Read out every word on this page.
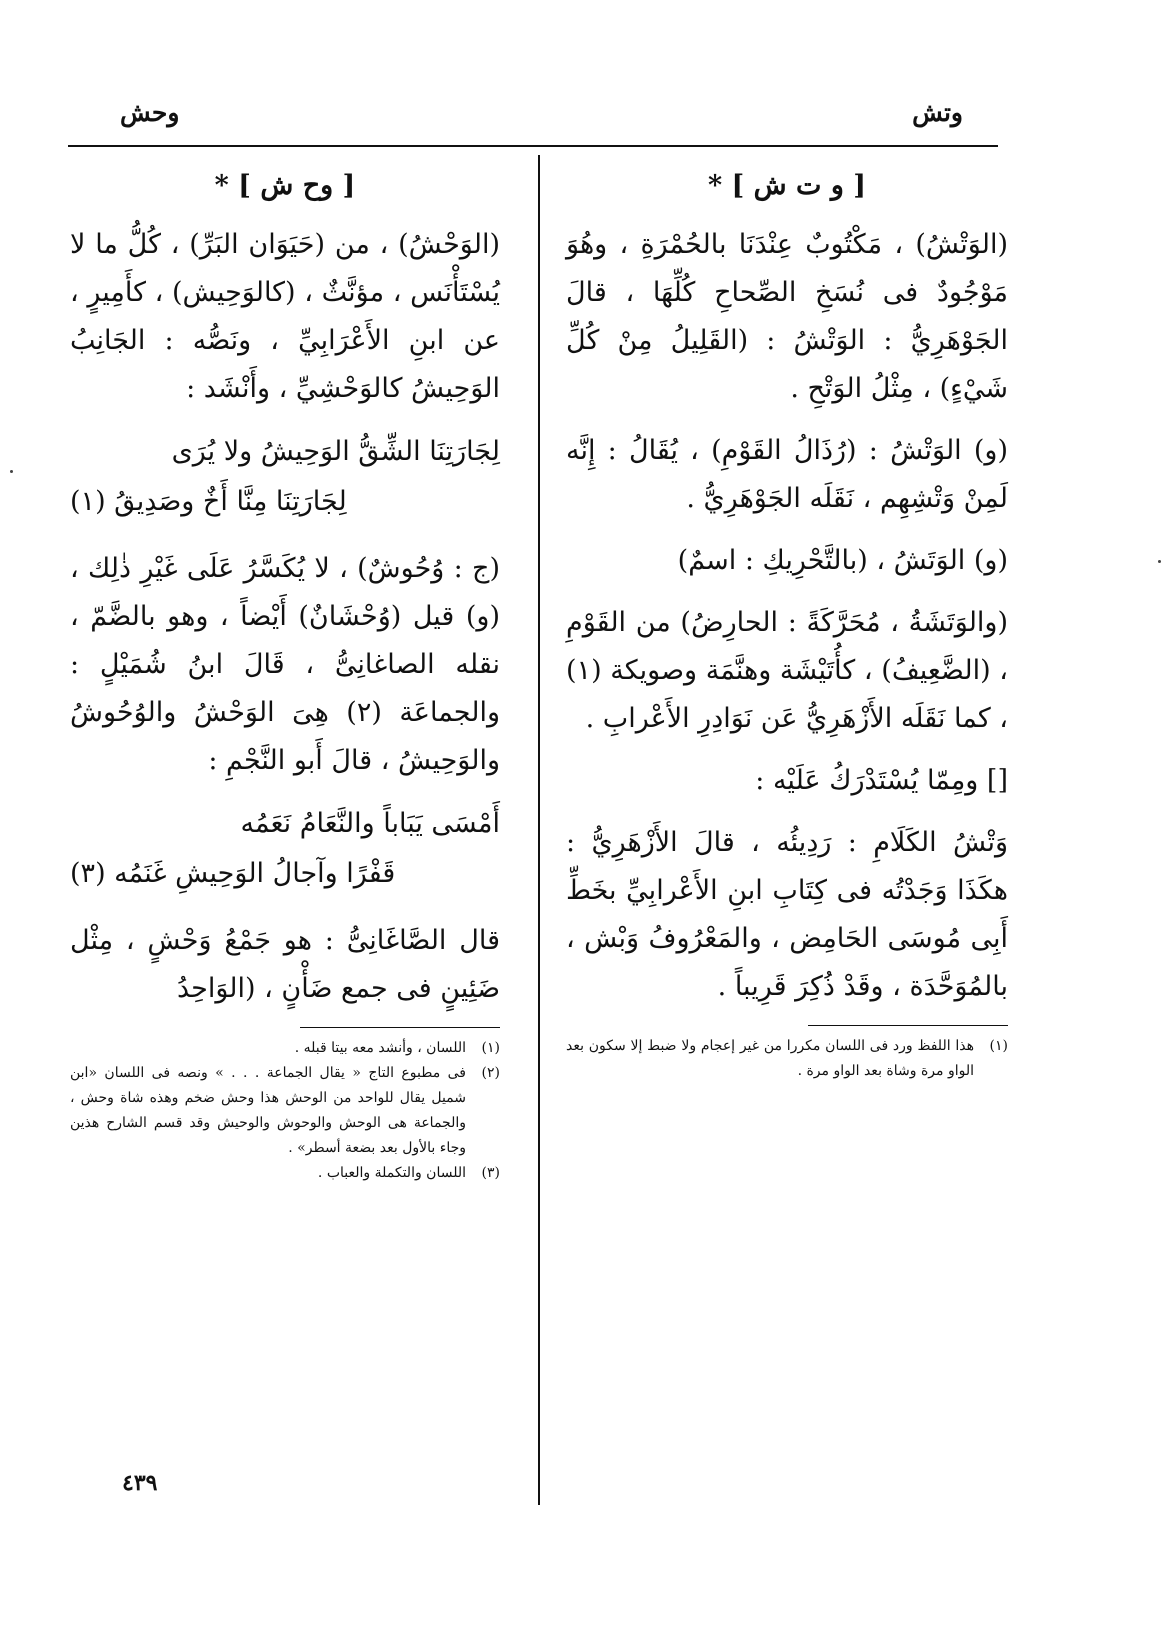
وتش
وحش
[ و ت ش ] *

(الوَتْشُ) ، مَكْتُوبٌ عِنْدَنَا بالحُمْرَةِ ، وهُوَ مَوْجُودٌ فى نُسَخِ الصِّحاحِ كُلِّهَا ، قالَ الجَوْهَرِيُّ : الوَتْشُ : (القَلِيلُ مِنْ كُلِّ شَيْءٍ) ، مِثْلُ الوَتْحِ .

(و) الوَتْشُ : (رُذَالُ القَوْمِ) ، يُقَالُ : إِنَّه لَمِنْ وَتْشِهِم ، نَقَلَه الجَوْهَرِيُّ .

(و) الوَتَشُ ، (بالتَّحْرِيكِ : اسمٌ)

(والوَتَشَةُ ، مُحَرَّكَةً : الحارِضُ) من القَوْمِ ، (الضَّعِيفُ) ، كأُتَيْشَة وهنَّمَة وصويكة (١) ، كما نَقَلَه الأَزْهَرِيُّ عَن نَوَادِرِ الأَعْرابِ .

[] ومِمّا يُسْتَدْرَكُ عَلَيْه :

وَتْشُ الكَلَامِ : رَدِيئُه ، قالَ الأَزْهَرِيُّ : هكَذَا وَجَدْتُه فى كِتَابِ ابنِ الأَعْرابِيِّ بخَطِّ أَبِى مُوسَى الحَامِض ، والمَعْرُوفُ وَبْش ، بالمُوَحَّدَة ، وقَدْ ذُكِرَ قَرِيباً .

(١)
هذا اللفظ ورد فى اللسان مكررا من غير إعجام ولا ضبط إلا سكون بعد الواو مرة وشاة بعد الواو مرة .
[ وح ش ] *

(الوَحْشُ) ، من (حَيَوَان البَرِّ) ، كُلُّ ما لا يُسْتَأْنَس ، مؤنَّثٌ ، (كالوَحِيش) ، كأَمِيرٍ ، عن ابنِ الأَعْرَابِيِّ ، ونَصُّه : الجَانِبُ الوَحِيشُ كالوَحْشِيِّ ، وأَنْشَد :

لِجَارَتِنَا الشِّقُّ الوَحِيشُ ولا يُرَى
لِجَارَتِنَا مِنَّا أَخٌ وصَدِيقُ (١)

(ج : وُحُوشٌ) ، لا يُكَسَّرُ عَلَى غَيْرِ ذٰلِك ، (و) قيل (وُحْشَانٌ) أَيْضاً ، وهو بالضَّمّ ، نقله الصاغانِىُّ ، قَالَ ابنُ شُمَيْلٍ : والجماعَة (٢) هِىَ الوَحْشُ والوُحُوشُ والوَحِيشُ ، قالَ أَبو النَّجْمِ :

أَمْسَى يَبَاباً والنَّعَامُ نَعَمُه
قَفْرًا وآجالُ الوَحِيشِ غَنَمُه (٣)

قال الصَّاغَانِىُّ : هو جَمْعُ وَحْشٍ ، مِثْل ضَئِينٍ فى جمع ضَأْنٍ ، (الوَاحِدُ

(١)
اللسان ، وأنشد معه بيتا قبله .
(٢)
فى مطبوع التاج « يقال الجماعة . . . » ونصه فى اللسان «ابن شميل يقال للواحد من الوحش هذا وحش ضخم وهذه شاة وحش ، والجماعة هى الوحش والوحوش والوحيش وقد قسم الشارح هذين وجاء بالأول بعد بضعة أسطر» .
(٣)
اللسان والتكملة والعباب .
٤٣٩
